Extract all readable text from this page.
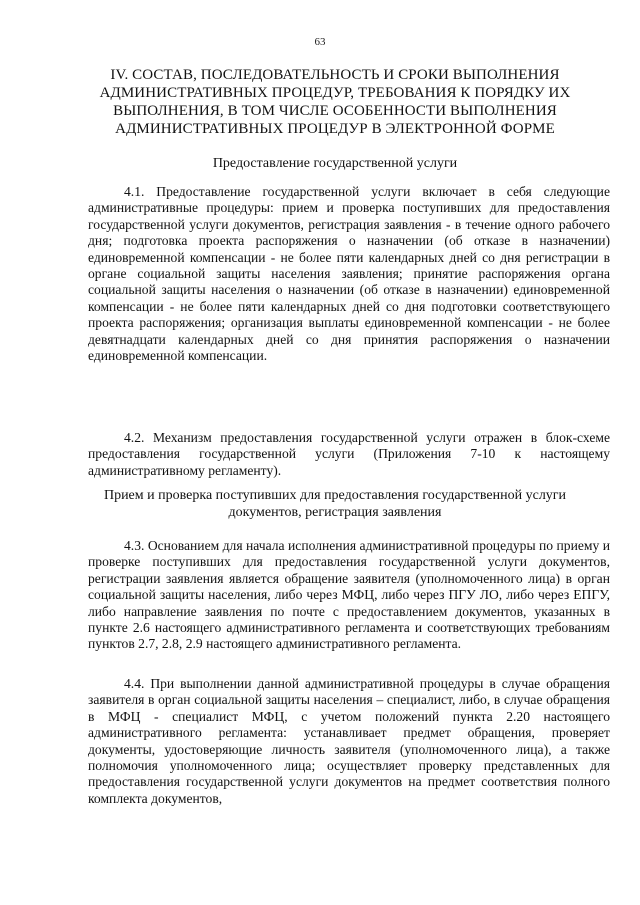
63
IV. СОСТАВ, ПОСЛЕДОВАТЕЛЬНОСТЬ И СРОКИ ВЫПОЛНЕНИЯ АДМИНИСТРАТИВНЫХ ПРОЦЕДУР, ТРЕБОВАНИЯ К ПОРЯДКУ ИХ ВЫПОЛНЕНИЯ, В ТОМ ЧИСЛЕ ОСОБЕННОСТИ ВЫПОЛНЕНИЯ АДМИНИСТРАТИВНЫХ ПРОЦЕДУР В ЭЛЕКТРОННОЙ ФОРМЕ
Предоставление государственной услуги
4.1. Предоставление государственной услуги включает в себя следующие административные процедуры: прием и проверка поступивших для предоставления государственной услуги документов, регистрация заявления - в течение одного рабочего дня; подготовка проекта распоряжения о назначении (об отказе в назначении) единовременной компенсации - не более пяти календарных дней со дня регистрации в органе социальной защиты населения заявления; принятие распоряжения органа социальной защиты населения о назначении (об отказе в назначении) единовременной компенсации - не более пяти календарных дней со дня подготовки соответствующего проекта распоряжения; организация выплаты единовременной компенсации - не более девятнадцати календарных дней со дня принятия распоряжения о назначении единовременной компенсации.
4.2. Механизм предоставления государственной услуги отражен в блок-схеме предоставления государственной услуги (Приложения 7-10 к настоящему административному регламенту).
Прием и проверка поступивших для предоставления государственной услуги документов, регистрация заявления
4.3. Основанием для начала исполнения административной процедуры по приему и проверке поступивших для предоставления государственной услуги документов, регистрации заявления является обращение заявителя (уполномоченного лица) в орган социальной защиты населения, либо через МФЦ, либо через ПГУ ЛО, либо через ЕПГУ, либо направление заявления по почте с предоставлением документов, указанных в пункте 2.6 настоящего административного регламента и соответствующих требованиям пунктов 2.7, 2.8, 2.9 настоящего административного регламента.
4.4. При выполнении данной административной процедуры в случае обращения заявителя в орган социальной защиты населения – специалист, либо, в случае обращения в МФЦ - специалист МФЦ, с учетом положений пункта 2.20 настоящего административного регламента: устанавливает предмет обращения, проверяет документы, удостоверяющие личность заявителя (уполномоченного лица), а также полномочия уполномоченного лица; осуществляет проверку представленных для предоставления государственной услуги документов на предмет соответствия полного комплекта документов,
